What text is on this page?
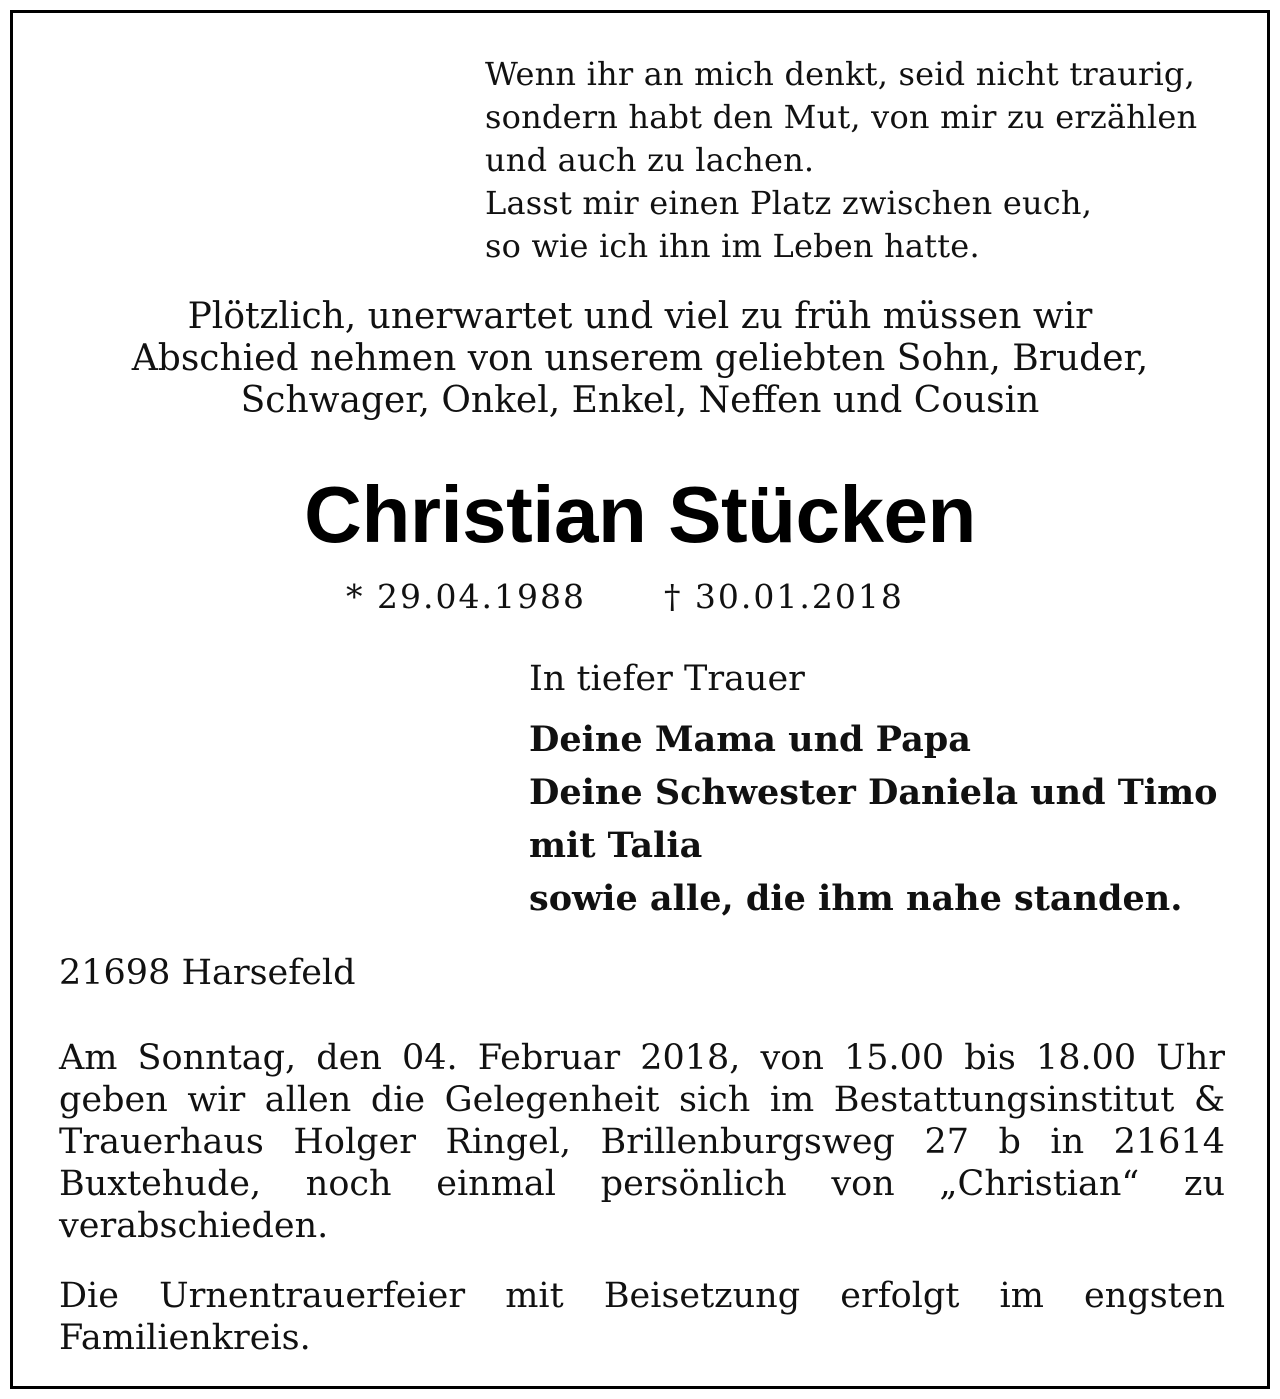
Wenn ihr an mich denkt, seid nicht traurig,
sondern habt den Mut, von mir zu erzählen
und auch zu lachen.
Lasst mir einen Platz zwischen euch,
so wie ich ihn im Leben hatte.
Plötzlich, unerwartet und viel zu früh müssen wir
Abschied nehmen von unserem geliebten Sohn, Bruder,
Schwager, Onkel, Enkel, Neffen und Cousin
Christian Stücken
* 29.04.1988 † 30.01.2018
In tiefer Trauer
Deine Mama und Papa
Deine Schwester Daniela und Timo
mit Talia
sowie alle, die ihm nahe standen.
21698 Harsefeld
Am Sonntag, den 04. Februar 2018, von 15.00 bis 18.00 Uhr geben wir allen die Gelegenheit sich im Bestattungsinstitut & Trauerhaus Holger Ringel, Brillenburgsweg 27 b in 21614 Buxtehude, noch einmal persönlich von „Christian“ zu verabschieden.
Die Urnentrauerfeier mit Beisetzung erfolgt im engsten Familienkreis.
